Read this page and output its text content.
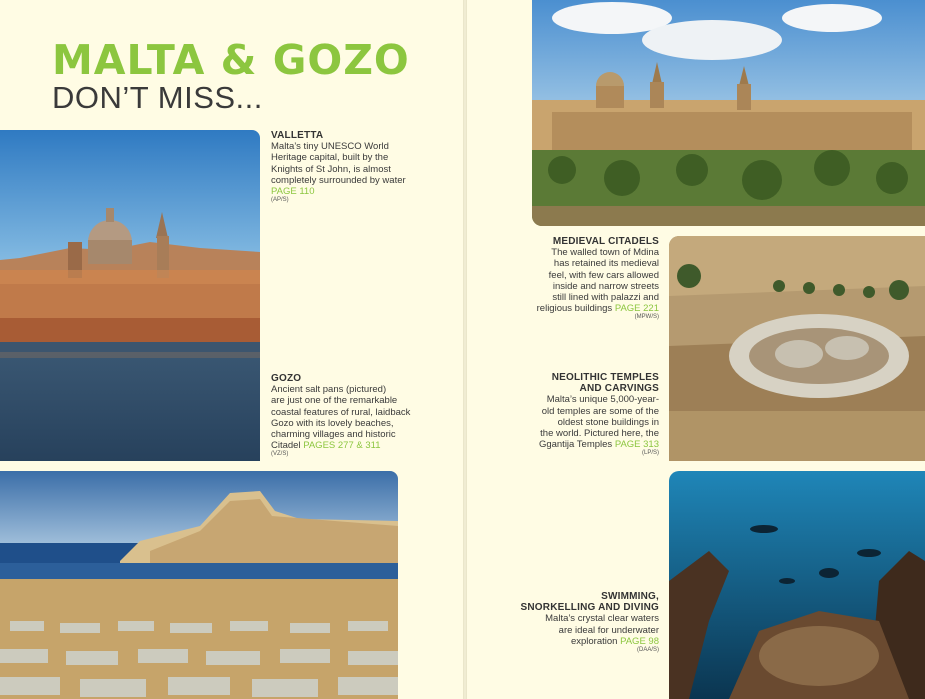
MALTA & GOZO
DON’T MISS...
VALLETTA
Malta’s tiny UNESCO World
Heritage capital, built by the
Knights of St John, is almost
completely surrounded by water
PAGE 110
(AP/S)
GOZO
Ancient salt pans (pictured)
are just one of the remarkable
coastal features of rural, laidback
Gozo with its lovely beaches,
charming villages and historic
Citadel PAGES 277 & 311
(VZ/S)
MEDIEVAL CITADELS
The walled town of Mdina
has retained its medieval
feel, with few cars allowed
inside and narrow streets
still lined with palazzi and
religious buildings PAGE 221
(MPW/S)
NEOLITHIC TEMPLES
AND CARVINGS
Malta’s unique 5,000-year-
old temples are some of the
oldest stone buildings in
the world. Pictured here, the
Ggantija Temples PAGE 313
(LP/S)
SWIMMING,
SNORKELLING AND DIVING
Malta’s crystal clear waters
are ideal for underwater
exploration PAGE 98
(DAA/S)
